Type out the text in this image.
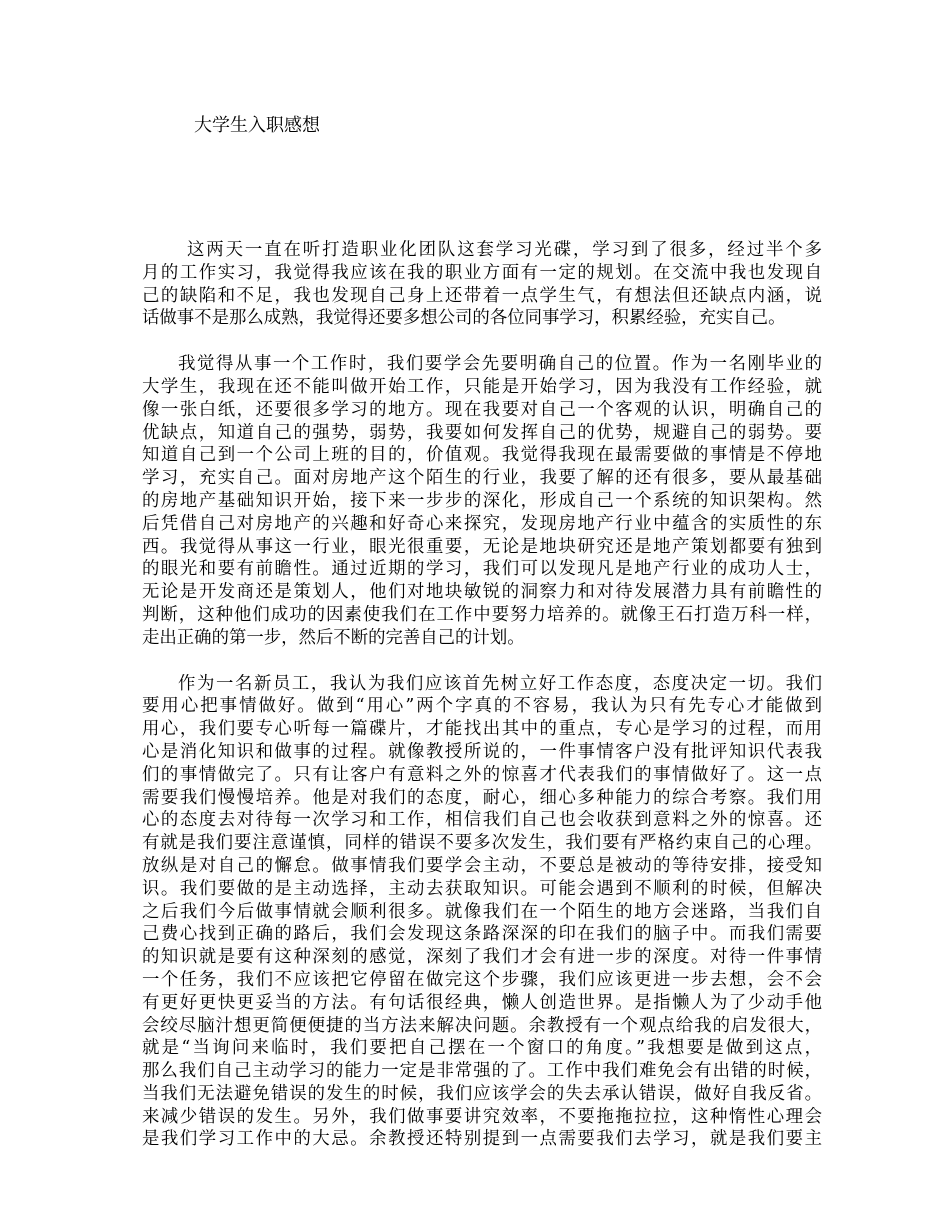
大学生入职感想
这两天一直在听打造职业化团队这套学习光碟，学习到了很多，经过半个多
月的工作实习，我觉得我应该在我的职业方面有一定的规划。在交流中我也发现自
己的缺陷和不足，我也发现自己身上还带着一点学生气，有想法但还缺点内涵，说
话做事不是那么成熟，我觉得还要多想公司的各位同事学习，积累经验，充实自己。
我觉得从事一个工作时，我们要学会先要明确自己的位置。作为一名刚毕业的
大学生，我现在还不能叫做开始工作，只能是开始学习，因为我没有工作经验，就
像一张白纸，还要很多学习的地方。现在我要对自己一个客观的认识，明确自己的
优缺点，知道自己的强势，弱势，我要如何发挥自己的优势，规避自己的弱势。要
知道自己到一个公司上班的目的，价值观。我觉得我现在最需要做的事情是不停地
学习，充实自己。面对房地产这个陌生的行业，我要了解的还有很多，要从最基础
的房地产基础知识开始，接下来一步步的深化，形成自己一个系统的知识架构。然
后凭借自己对房地产的兴趣和好奇心来探究，发现房地产行业中蕴含的实质性的东
西。我觉得从事这一行业，眼光很重要，无论是地块研究还是地产策划都要有独到
的眼光和要有前瞻性。通过近期的学习，我们可以发现凡是地产行业的成功人士，
无论是开发商还是策划人，他们对地块敏锐的洞察力和对待发展潜力具有前瞻性的
判断，这种他们成功的因素使我们在工作中要努力培养的。就像王石打造万科一样，
走出正确的第一步，然后不断的完善自己的计划。
作为一名新员工，我认为我们应该首先树立好工作态度，态度决定一切。我们
要用心把事情做好。做到“用心”两个字真的不容易，我认为只有先专心才能做到
用心，我们要专心听每一篇碟片，才能找出其中的重点，专心是学习的过程，而用
心是消化知识和做事的过程。就像教授所说的，一件事情客户没有批评知识代表我
们的事情做完了。只有让客户有意料之外的惊喜才代表我们的事情做好了。这一点
需要我们慢慢培养。他是对我们的态度，耐心，细心多种能力的综合考察。我们用
心的态度去对待每一次学习和工作，相信我们自己也会收获到意料之外的惊喜。还
有就是我们要注意谨慎，同样的错误不要多次发生，我们要有严格约束自己的心理。
放纵是对自己的懈怠。做事情我们要学会主动，不要总是被动的等待安排，接受知
识。我们要做的是主动选择，主动去获取知识。可能会遇到不顺利的时候，但解决
之后我们今后做事情就会顺利很多。就像我们在一个陌生的地方会迷路，当我们自
己费心找到正确的路后，我们会发现这条路深深的印在我们的脑子中。而我们需要
的知识就是要有这种深刻的感觉，深刻了我们才会有进一步的深度。对待一件事情
一个任务，我们不应该把它停留在做完这个步骤，我们应该更进一步去想，会不会
有更好更快更妥当的方法。有句话很经典，懒人创造世界。是指懒人为了少动手他
会绞尽脑汁想更简便便捷的当方法来解决问题。余教授有一个观点给我的启发很大，
就是“当询问来临时，我们要把自己摆在一个窗口的角度。”我想要是做到这点，
那么我们自己主动学习的能力一定是非常强的了。工作中我们难免会有出错的时候，
当我们无法避免错误的发生的时候，我们应该学会的失去承认错误，做好自我反省。
来减少错误的发生。另外，我们做事要讲究效率，不要拖拖拉拉，这种惰性心理会
是我们学习工作中的大忌。余教授还特别提到一点需要我们去学习，就是我们要主
